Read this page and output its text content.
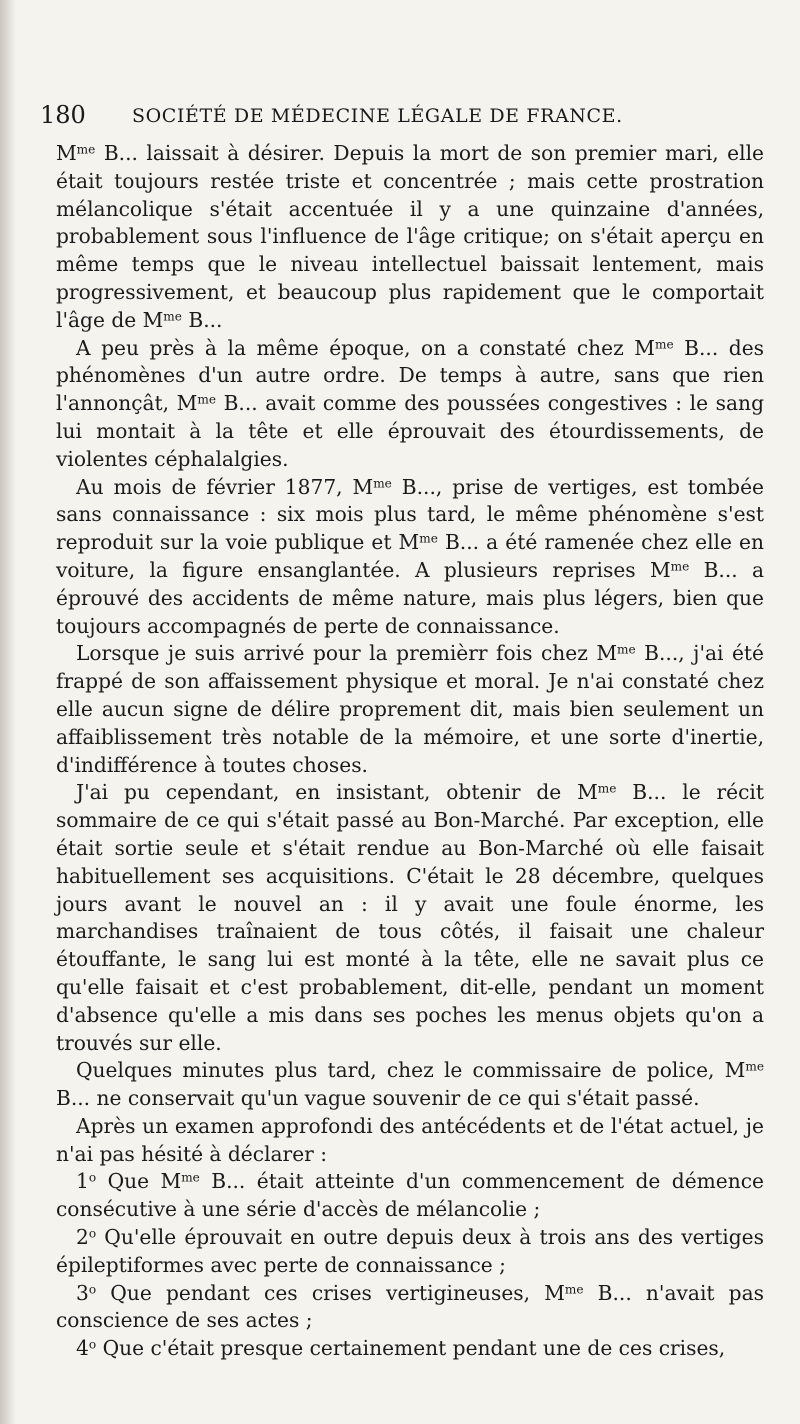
180 SOCIÉTÉ DE MÉDECINE LÉGALE DE FRANCE.

$M^{me}$ B... laissait à désirer. Depuis la mort de son premier mari, elle était toujours restée triste et concentrée ; mais cette prostration mélancolique s'était accentuée il y a une quinzaine d'années, probablement sous l'influence de l'âge critique; on s'était aperçu en même temps que le niveau intellectuel baissait lentement, mais progressivement, et beaucoup plus rapidement que le comportait l'âge de $M^{me}$ B...

A peu près à la même époque, on a constaté chez $M^{me}$ B... des phénomènes d'un autre ordre. De temps à autre, sans que rien l'annonçât, $M^{me}$ B... avait comme des poussées congestives : le sang lui montait à la tête et elle éprouvait des étourdissements, de violentes céphalalgies.

Au mois de février 1877, $M^{me}$ B..., prise de vertiges, est tombée sans connaissance : six mois plus tard, le même phénomène s'est reproduit sur la voie publique et $M^{me}$ B... a été ramenée chez elle en voiture, la figure ensanglantée. A plusieurs reprises $M^{me}$ B... a éprouvé des accidents de même nature, mais plus légers, bien que toujours accompagnés de perte de connaissance.

Lorsque je suis arrivé pour la premièrr fois chez $M^{me}$ B..., j'ai été frappé de son affaissement physique et moral. Je n'ai constaté chez elle aucun signe de délire proprement dit, mais bien seulement un affaiblissement très notable de la mémoire, et une sorte d'inertie, d'indifférence à toutes choses.

J'ai pu cependant, en insistant, obtenir de $M^{me}$ B... le récit sommaire de ce qui s'était passé au Bon-Marché. Par exception, elle était sortie seule et s'était rendue au Bon-Marché où elle faisait habituellement ses acquisitions. C'était le 28 décembre, quelques jours avant le nouvel an : il y avait une foule énorme, les marchandises traînaient de tous côtés, il faisait une chaleur étouffante, le sang lui est monté à la tête, elle ne savait plus ce qu'elle faisait et c'est probablement, dit-elle, pendant un moment d'absence qu'elle a mis dans ses poches les menus objets qu'on a trouvés sur elle.

Quelques minutes plus tard, chez le commissaire de police, $M^{me}$ B... ne conservait qu'un vague souvenir de ce qui s'était passé.

Après un examen approfondi des antécédents et de l'état actuel, je n'ai pas hésité à déclarer :

1$^o$ Que $M^{me}$ B... était atteinte d'un commencement de démence consécutive à une série d'accès de mélancolie ;

2$^o$ Qu'elle éprouvait en outre depuis deux à trois ans des vertiges épileptiformes avec perte de connaissance ;

3$^o$ Que pendant ces crises vertigineuses, $M^{me}$ B... n'avait pas conscience de ses actes ;

4$^o$ Que c'était presque certainement pendant une de ces crises,
